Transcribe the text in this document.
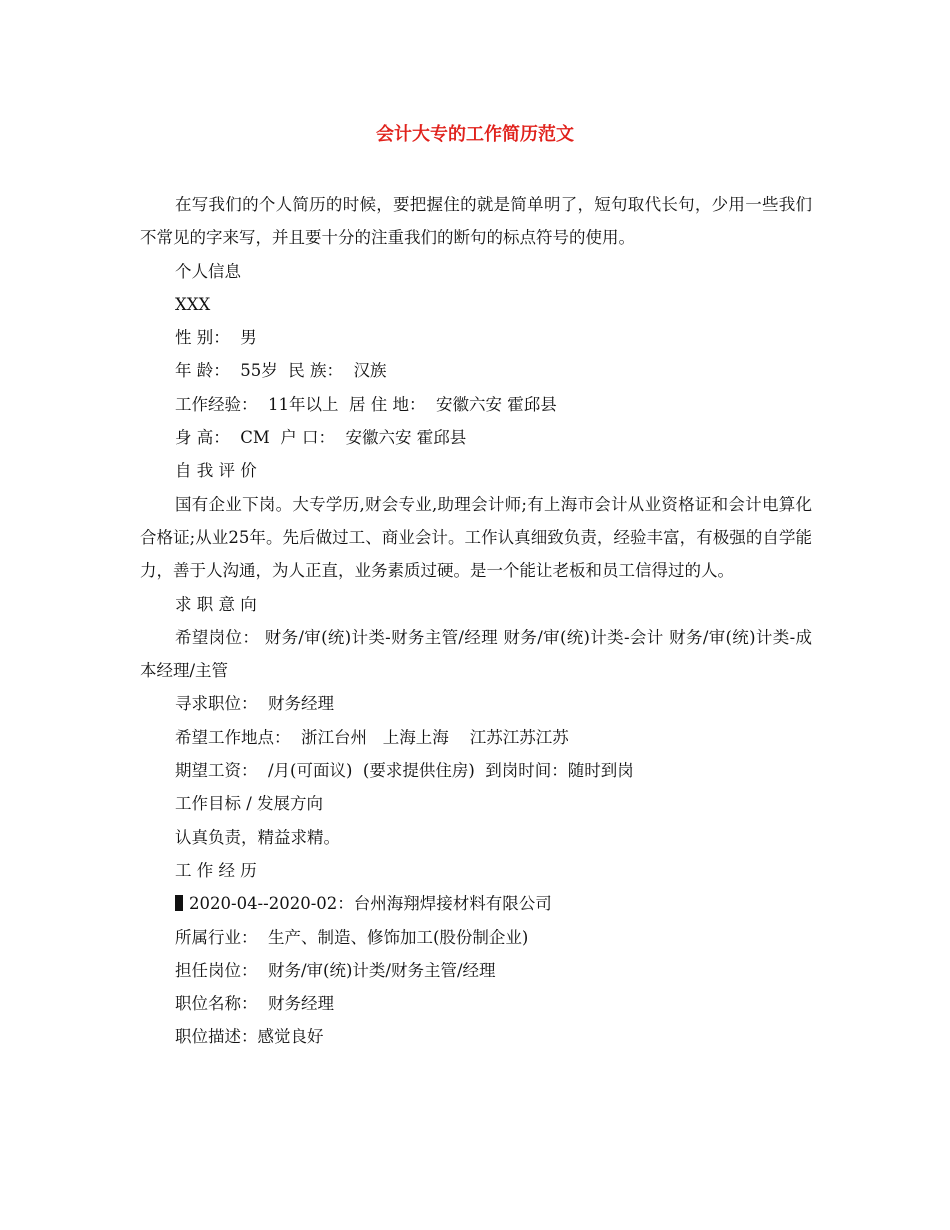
会计大专的工作简历范文

在写我们的个人简历的时候，要把握住的就是简单明了，短句取代长句，少用一些我们不常见的字来写，并且要十分的注重我们的断句的标点符号的使用。

个人信息

XXX

性 别：  男

年 龄：  55岁  民 族：  汉族

工作经验：  11年以上  居 住 地：  安徽六安 霍邱县

身 高：  CM  户 口：  安徽六安 霍邱县

自 我 评 价

国有企业下岗。大专学历,财会专业,助理会计师;有上海市会计从业资格证和会计电算化合格证;从业25年。先后做过工、商业会计。工作认真细致负责，经验丰富，有极强的自学能力，善于人沟通，为人正直，业务素质过硬。是一个能让老板和员工信得过的人。

求 职 意 向

希望岗位： 财务/审(统)计类-财务主管/经理 财务/审(统)计类-会计 财务/审(统)计类-成本经理/主管

寻求职位：  财务经理

希望工作地点：  浙江台州   上海上海    江苏江苏江苏

期望工资：  /月(可面议)  (要求提供住房)  到岗时间：随时到岗

工作目标 / 发展方向

认真负责，精益求精。

工 作 经 历

2020-04--2020-02：台州海翔焊接材料有限公司

所属行业：  生产、制造、修饰加工(股份制企业)

担任岗位：  财务/审(统)计类/财务主管/经理

职位名称：  财务经理

职位描述：感觉良好
